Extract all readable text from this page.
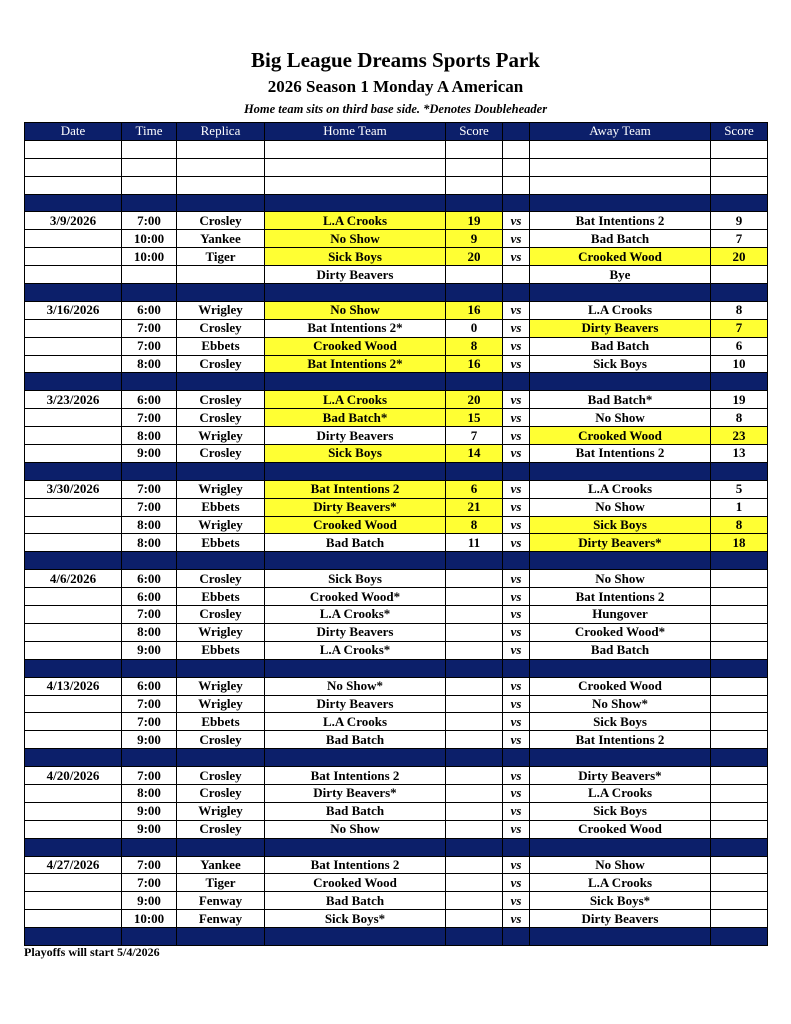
Big League Dreams Sports Park
2026 Season 1 Monday A American
Home team sits on third base side. *Denotes Doubleheader
Date	Time	Replica	Home Team	Score		Away Team	Score

3/9/2026	7:00	Crosley	L.A Crooks	19	vs	Bat Intentions 2	9
	10:00	Yankee	No Show	9	vs	Bad Batch	7
	10:00	Tiger	Sick Boys	20	vs	Crooked Wood	20
			Dirty Beavers			Bye	

3/16/2026	6:00	Wrigley	No Show	16	vs	L.A Crooks	8
	7:00	Crosley	Bat Intentions 2*	0	vs	Dirty Beavers	7
	7:00	Ebbets	Crooked Wood	8	vs	Bad Batch	6
	8:00	Crosley	Bat Intentions 2*	16	vs	Sick Boys	10

3/23/2026	6:00	Crosley	L.A Crooks	20	vs	Bad Batch*	19
	7:00	Crosley	Bad Batch*	15	vs	No Show	8
	8:00	Wrigley	Dirty Beavers	7	vs	Crooked Wood	23
	9:00	Crosley	Sick Boys	14	vs	Bat Intentions 2	13

3/30/2026	7:00	Wrigley	Bat Intentions 2	6	vs	L.A Crooks	5
	7:00	Ebbets	Dirty Beavers*	21	vs	No Show	1
	8:00	Wrigley	Crooked Wood	8	vs	Sick Boys	8
	8:00	Ebbets	Bad Batch	11	vs	Dirty Beavers*	18

4/6/2026	6:00	Crosley	Sick Boys		vs	No Show	
	6:00	Ebbets	Crooked Wood*		vs	Bat Intentions 2	
	7:00	Crosley	L.A Crooks*		vs	Hungover	
	8:00	Wrigley	Dirty Beavers		vs	Crooked Wood*	
	9:00	Ebbets	L.A Crooks*		vs	Bad Batch	

4/13/2026	6:00	Wrigley	No Show*		vs	Crooked Wood	
	7:00	Wrigley	Dirty Beavers		vs	No Show*	
	7:00	Ebbets	L.A Crooks		vs	Sick Boys	
	9:00	Crosley	Bad Batch		vs	Bat Intentions 2	

4/20/2026	7:00	Crosley	Bat Intentions 2		vs	Dirty Beavers*	
	8:00	Crosley	Dirty Beavers*		vs	L.A Crooks	
	9:00	Wrigley	Bad Batch		vs	Sick Boys	
	9:00	Crosley	No Show		vs	Crooked Wood	

4/27/2026	7:00	Yankee	Bat Intentions 2		vs	No Show	
	7:00	Tiger	Crooked Wood		vs	L.A Crooks	
	9:00	Fenway	Bad Batch		vs	Sick Boys*	
	10:00	Fenway	Sick Boys*		vs	Dirty Beavers	

Playoffs will start 5/4/2026
